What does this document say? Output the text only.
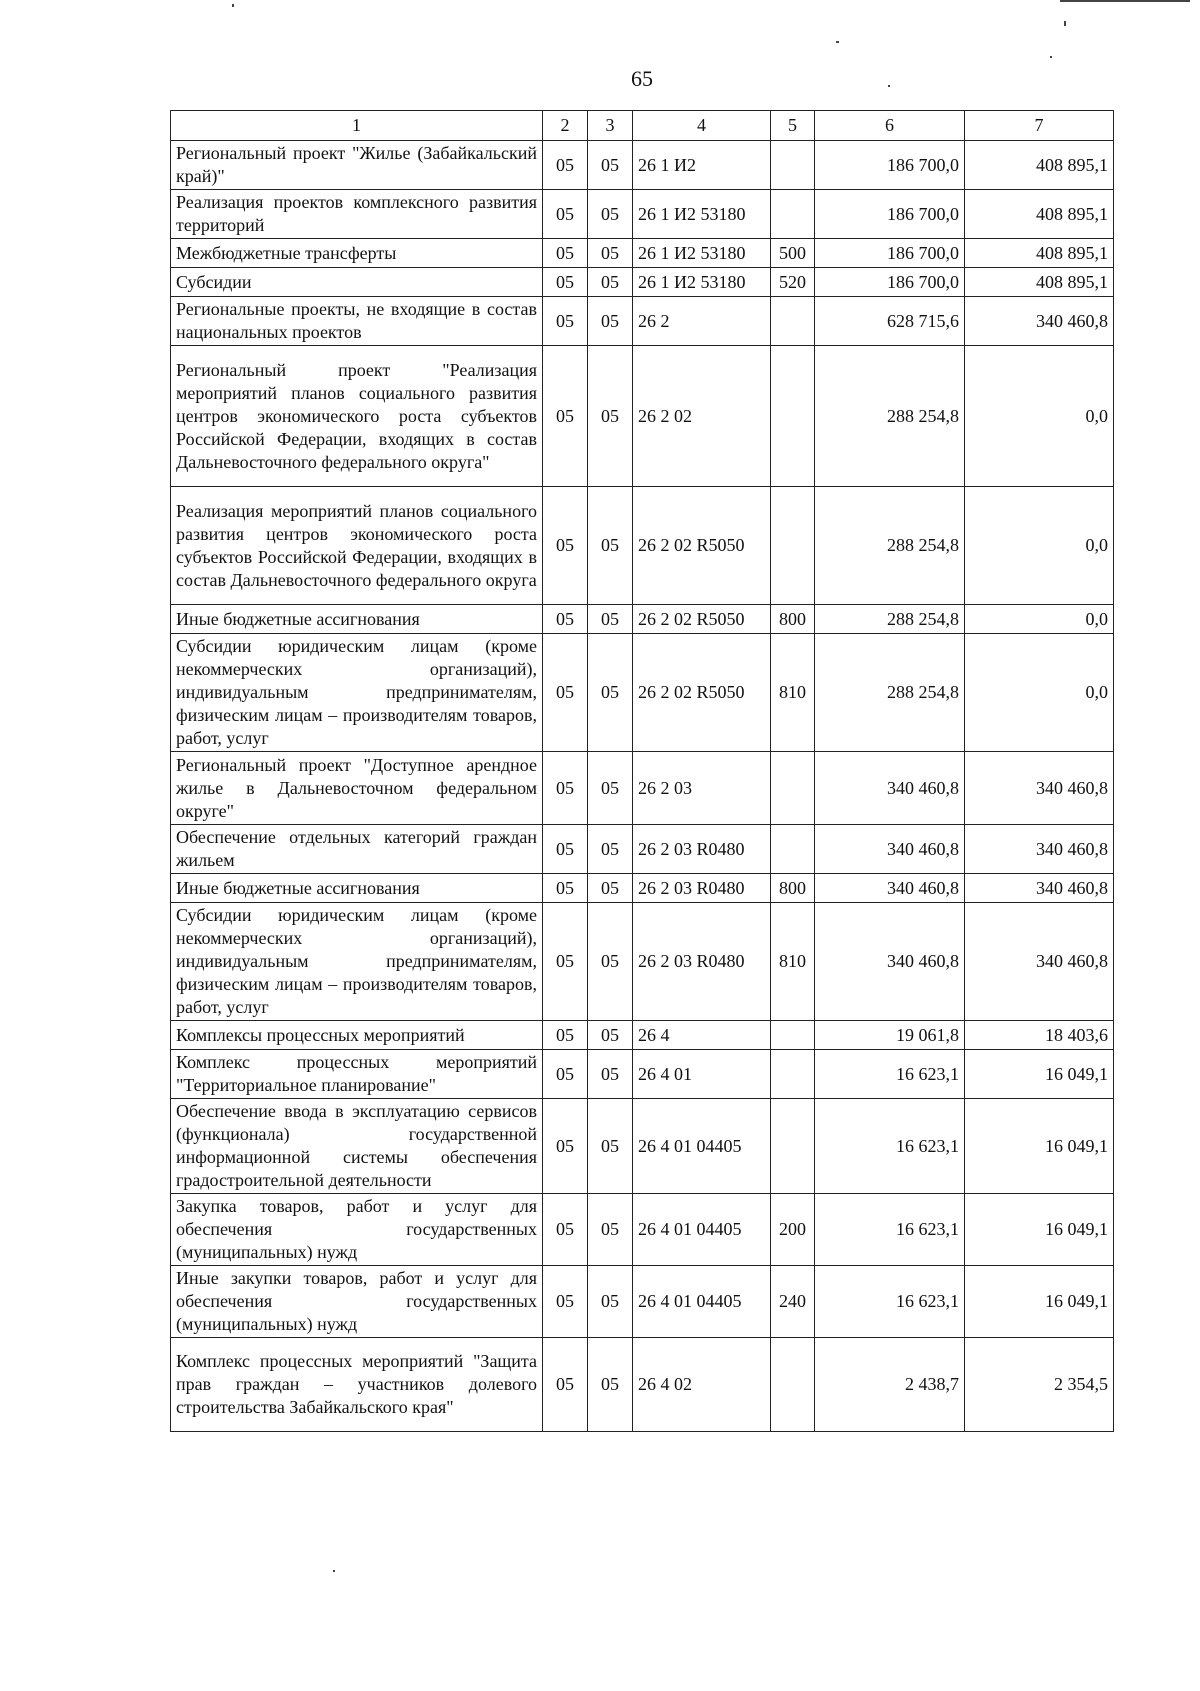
65
1	2	3	4	5	6	7
Региональный проект "Жилье (Забайкальский край)"	05	05	26 1 И2		186 700,0	408 895,1
Реализация проектов комплексного развития территорий	05	05	26 1 И2 53180		186 700,0	408 895,1
Межбюджетные трансферты	05	05	26 1 И2 53180	500	186 700,0	408 895,1
Субсидии	05	05	26 1 И2 53180	520	186 700,0	408 895,1
Региональные проекты, не входящие в состав национальных проектов	05	05	26 2		628 715,6	340 460,8
Региональный проект "Реализация мероприятий планов социального развития центров экономического роста субъектов Российской Федерации, входящих в состав Дальневосточного федерального округа"	05	05	26 2 02		288 254,8	0,0
Реализация мероприятий планов социального развития центров экономического роста субъектов Российской Федерации, входящих в состав Дальневосточного федерального округа	05	05	26 2 02 R5050		288 254,8	0,0
Иные бюджетные ассигнования	05	05	26 2 02 R5050	800	288 254,8	0,0
Субсидии юридическим лицам (кроме некоммерческих организаций), индивидуальным предпринимателям, физическим лицам – производителям товаров, работ, услуг	05	05	26 2 02 R5050	810	288 254,8	0,0
Региональный проект "Доступное арендное жилье в Дальневосточном федеральном округе"	05	05	26 2 03		340 460,8	340 460,8
Обеспечение отдельных категорий граждан жильем	05	05	26 2 03 R0480		340 460,8	340 460,8
Иные бюджетные ассигнования	05	05	26 2 03 R0480	800	340 460,8	340 460,8
Субсидии юридическим лицам (кроме некоммерческих организаций), индивидуальным предпринимателям, физическим лицам – производителям товаров, работ, услуг	05	05	26 2 03 R0480	810	340 460,8	340 460,8
Комплексы процессных мероприятий	05	05	26 4		19 061,8	18 403,6
Комплекс процессных мероприятий "Территориальное планирование"	05	05	26 4 01		16 623,1	16 049,1
Обеспечение ввода в эксплуатацию сервисов (функционала) государственной информационной системы обеспечения градостроительной деятельности	05	05	26 4 01 04405		16 623,1	16 049,1
Закупка товаров, работ и услуг для обеспечения государственных (муниципальных) нужд	05	05	26 4 01 04405	200	16 623,1	16 049,1
Иные закупки товаров, работ и услуг для обеспечения государственных (муниципальных) нужд	05	05	26 4 01 04405	240	16 623,1	16 049,1
Комплекс процессных мероприятий "Защита прав граждан – участников долевого строительства Забайкальского края"	05	05	26 4 02		2 438,7	2 354,5
